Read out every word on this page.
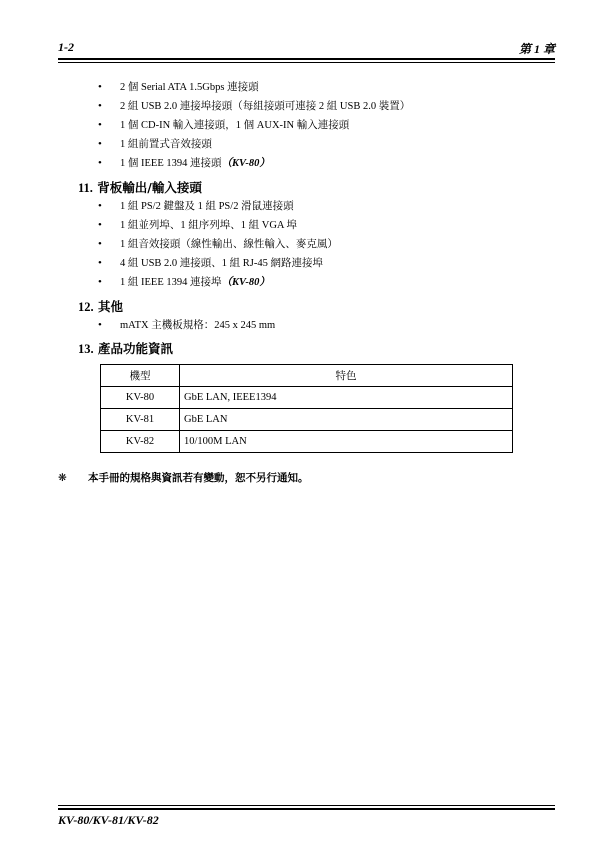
1-2	第 1 章
• 2 個 Serial ATA 1.5Gbps 連接頭
• 2 組 USB 2.0 連接埠接頭（每組接頭可連接 2 組 USB 2.0 裝置）
• 1 個 CD-IN 輸入連接頭，1 個 AUX-IN 輸入連接頭
• 1 組前置式音效接頭
• 1 個 IEEE 1394 連接頭（KV-80）
11. 背板輸出/輸入接頭
• 1 組 PS/2 鍵盤及 1 組 PS/2 滑鼠連接頭
• 1 組並列埠、1 組序列埠、1 組 VGA 埠
• 1 組音效接頭（線性輸出、線性輸入、麥克風）
• 4 組 USB 2.0 連接頭、1 組 RJ-45 網路連接埠
• 1 組 IEEE 1394 連接埠（KV-80）
12. 其他
• mATX 主機板規格：245 x 245 mm
13. 產品功能資訊
機型	特色
KV-80	GbE LAN, IEEE1394
KV-81	GbE LAN
KV-82	10/100M LAN
❋ 本手冊的規格與資訊若有變動，恕不另行通知。
KV-80/KV-81/KV-82
